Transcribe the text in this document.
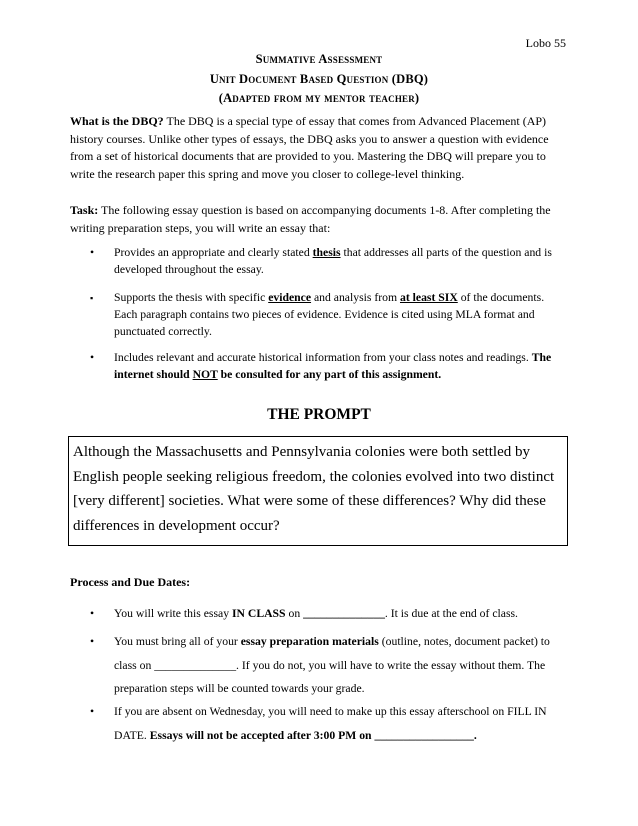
Lobo 55
Summative Assessment
Unit Document Based Question (DBQ)
(Adapted from my mentor teacher)
What is the DBQ? The DBQ is a special type of essay that comes from Advanced Placement (AP) history courses. Unlike other types of essays, the DBQ asks you to answer a question with evidence from a set of historical documents that are provided to you. Mastering the DBQ will prepare you to write the research paper this spring and move you closer to college-level thinking.
Task: The following essay question is based on accompanying documents 1-8. After completing the writing preparation steps, you will write an essay that:
•	Provides an appropriate and clearly stated thesis that addresses all parts of the question and is developed throughout the essay.
▪	Supports the thesis with specific evidence and analysis from at least SIX of the documents. Each paragraph contains two pieces of evidence. Evidence is cited using MLA format and punctuated correctly.
•	Includes relevant and accurate historical information from your class notes and readings. The internet should NOT be consulted for any part of this assignment.
THE PROMPT
Although the Massachusetts and Pennsylvania colonies were both settled by English people seeking religious freedom, the colonies evolved into two distinct [very different] societies. What were some of these differences? Why did these differences in development occur?
Process and Due Dates:
•	You will write this essay IN CLASS on ______________. It is due at the end of class.
•	You must bring all of your essay preparation materials (outline, notes, document packet) to class on ______________. If you do not, you will have to write the essay without them. The preparation steps will be counted towards your grade.
•	If you are absent on Wednesday, you will need to make up this essay afterschool on FILL IN DATE. Essays will not be accepted after 3:00 PM on _________________.
